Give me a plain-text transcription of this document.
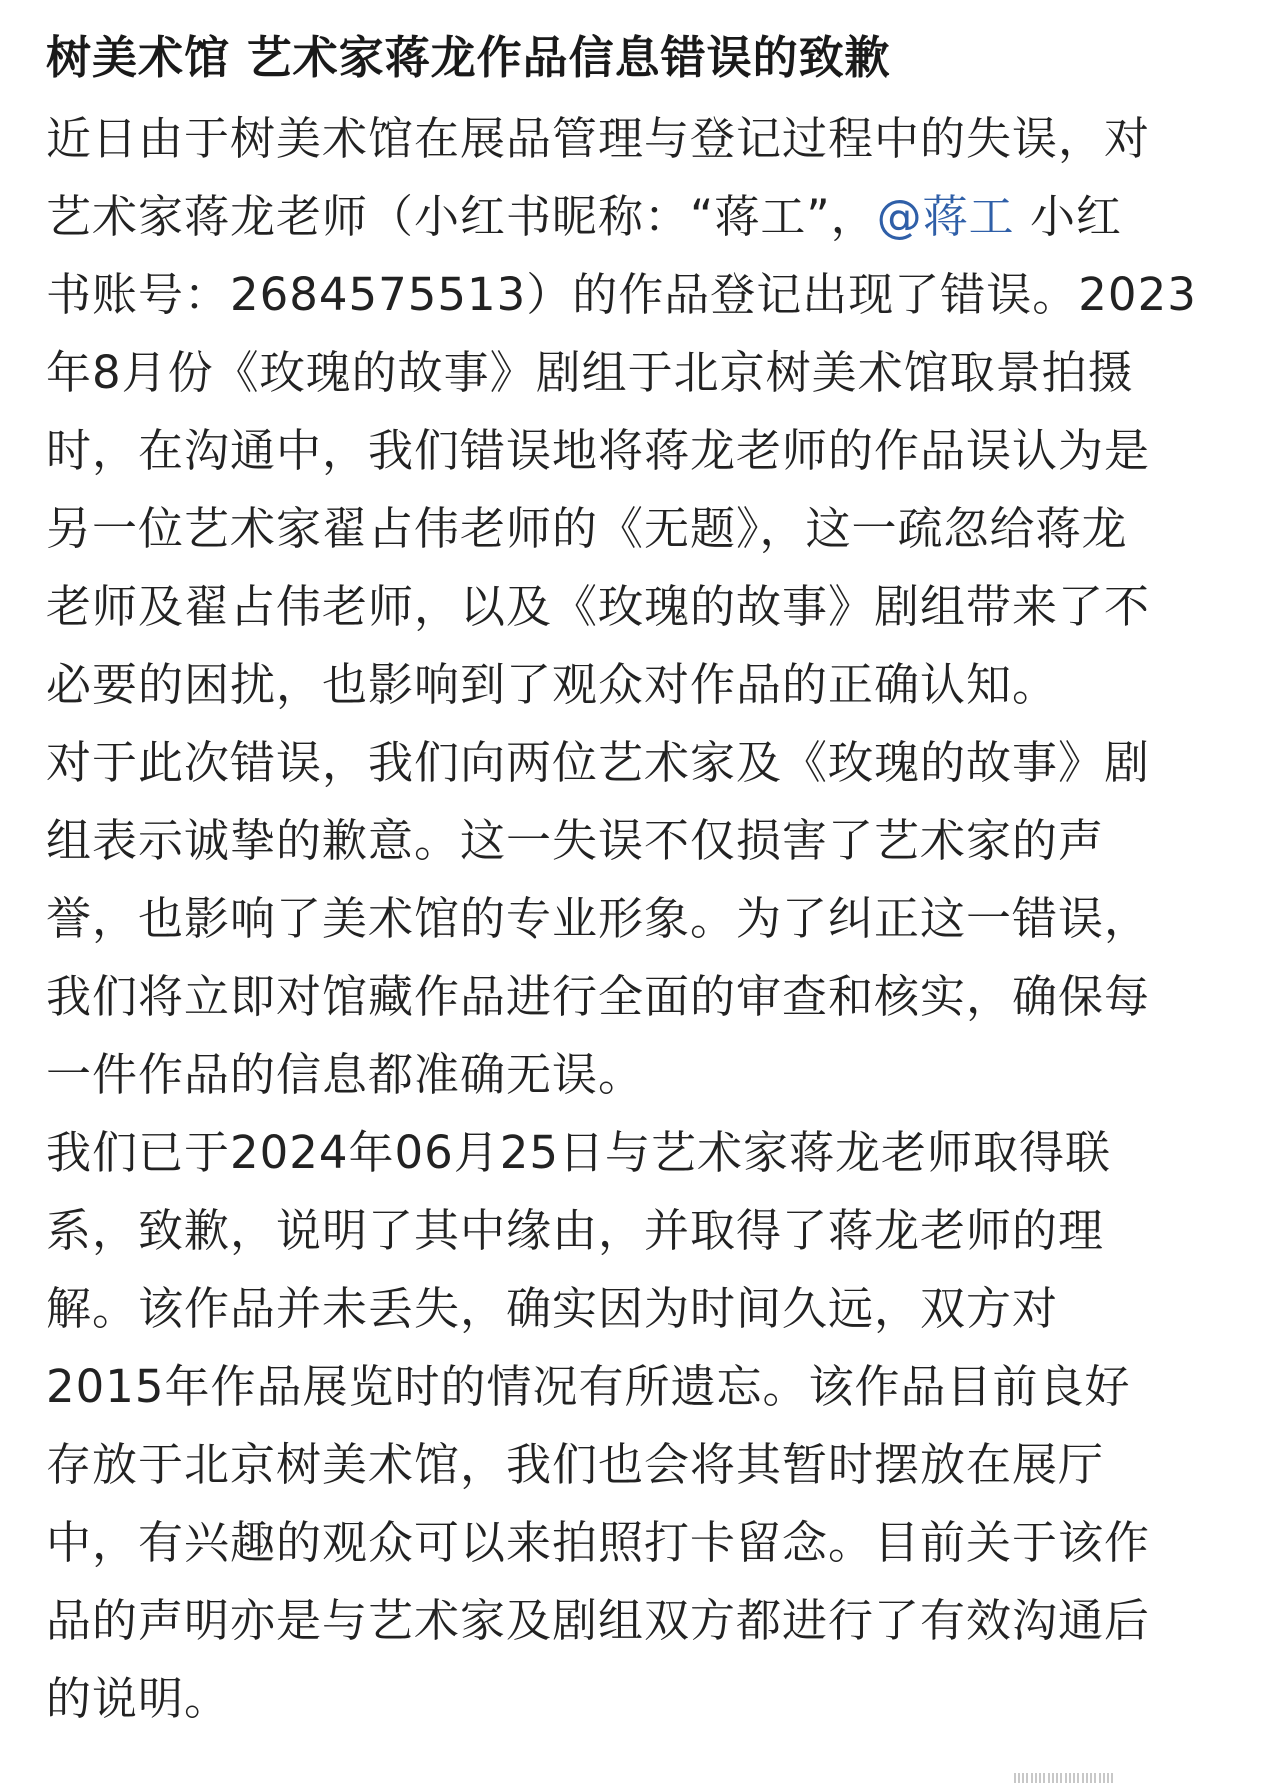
树美术馆 艺术家蒋龙作品信息错误的致歉
近日由于树美术馆在展品管理与登记过程中的失误，对
艺术家蒋龙老师（小红书昵称：“蒋工”，@蒋工 小红
书账号：2684575513）的作品登记出现了错误。2023
年8月份《玫瑰的故事》剧组于北京树美术馆取景拍摄
时，在沟通中，我们错误地将蒋龙老师的作品误认为是
另一位艺术家翟占伟老师的《无题》，这一疏忽给蒋龙
老师及翟占伟老师，以及《玫瑰的故事》剧组带来了不
必要的困扰，也影响到了观众对作品的正确认知。
对于此次错误，我们向两位艺术家及《玫瑰的故事》剧
组表示诚挚的歉意。这一失误不仅损害了艺术家的声
誉，也影响了美术馆的专业形象。为了纠正这一错误，
我们将立即对馆藏作品进行全面的审查和核实，确保每
一件作品的信息都准确无误。
我们已于2024年06月25日与艺术家蒋龙老师取得联
系，致歉，说明了其中缘由，并取得了蒋龙老师的理
解。该作品并未丢失，确实因为时间久远，双方对
2015年作品展览时的情况有所遗忘。该作品目前良好
存放于北京树美术馆，我们也会将其暂时摆放在展厅
中，有兴趣的观众可以来拍照打卡留念。目前关于该作
品的声明亦是与艺术家及剧组双方都进行了有效沟通后
的说明。
